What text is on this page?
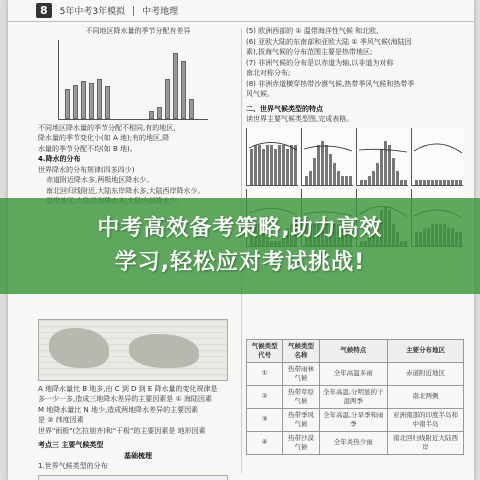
8	5年中考3年模拟 中考地理
不同地区降水量的季节分配有差异
不同地区降水量的季节分配不相同,有的地区,
降水量的季节变化小(如 A 地);有的地区,降
水量的季节分配不均(如 B 地)。
4.降水的分布
世界降水的分布规律(四多四少)
赤道附近降水多,两极地区降水少。
南北回归线附近,大陆东岸降水多,大陆西岸降水少。
A 地降水量比 B 地多,由 C 到 D 到 E 降水量的变化规律是
多一少一多,造成三地降水差异的主要因素是 ① 海陆因素
M 地降水量比 N 地少,造成两地降水差异的主要因素
是 ② 纬度因素
世界"雨极"(乞拉朋齐)和"干极"的主要因素是 地形因素
考点三 主要气候类型
基础梳理
1.世界气候类型的分布
(5) 欧洲西部的 ① 温带海洋性气候 和北欧,
(6) 亚欧大陆的东南部和亚欧大陆 ① 季风气候(海陆因
素),拔海气候的分布范围主要是热带地区;
(7) 非洲气候的分布是以赤道为轴,以非道为对称
南北对称分布;
(8) 非洲赤道横穿热带沙漠气候,热带季风气候和热带季
风气候。
二、世界气候类型的特点
读世界主要气候类型图,完成表格。
气候类型代号	气候类型名称	气候特点	主要分布地区
①	热带雨林气候	全年高温多雨	赤道附近地区
②	热带草原气候	全年高温,分明显的干湿两季	南北两侧
③	热带季风气候	全年高温,分旱季和雨季	亚洲南部的印度半岛和中南半岛
④	热带沙漠气候	全年炎热少雨	南北回归线附近大陆西岸
中考高效备考策略,助力高效
学习,轻松应对考试挑战!
